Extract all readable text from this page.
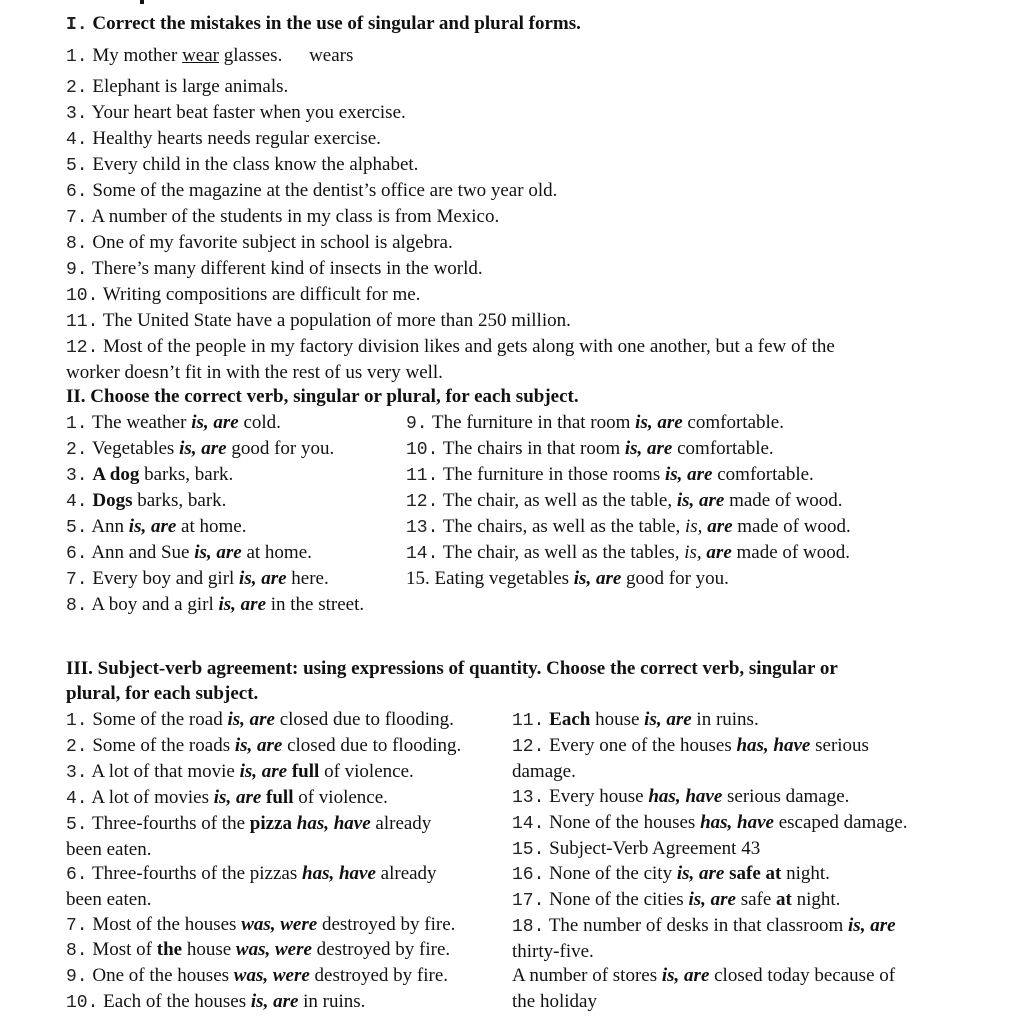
I. Correct the mistakes in the use of singular and plural forms.
1. My mother wear glasses. wears
2. Elephant is large animals.
3. Your heart beat faster when you exercise.
4. Healthy hearts needs regular exercise.
5. Every child in the class know the alphabet.
6. Some of the magazine at the dentist’s office are two year old.
7. A number of the students in my class is from Mexico.
8. One of my favorite subject in school is algebra.
9. There’s many different kind of insects in the world.
10. Writing compositions are difficult for me.
11. The United State have a population of more than 250 million.
12. Most of the people in my factory division likes and gets along with one another, but a few of the
worker doesn’t fit in with the rest of us very well.
II. Choose the correct verb, singular or plural, for each subject.
1. The weather is, are cold.
2. Vegetables is, are good for you.
3. A dog barks, bark.
4. Dogs barks, bark.
5. Ann is, are at home.
6. Ann and Sue is, are at home.
7. Every boy and girl is, are here.
8. A boy and a girl is, are in the street.
9. The furniture in that room is, are comfortable.
10. The chairs in that room is, are comfortable.
11. The furniture in those rooms is, are comfortable.
12. The chair, as well as the table, is, are made of wood.
13. The chairs, as well as the table, is, are made of wood.
14. The chair, as well as the tables, is, are made of wood.
15. Eating vegetables is, are good for you.
III. Subject-verb agreement: using expressions of quantity. Choose the correct verb, singular or
plural, for each subject.
1. Some of the road is, are closed due to flooding.
2. Some of the roads is, are closed due to flooding.
3. A lot of that movie is, are full of violence.
4. A lot of movies is, are full of violence.
5. Three-fourths of the pizza has, have already
been eaten.
6. Three-fourths of the pizzas has, have already
been eaten.
7. Most of the houses was, were destroyed by fire.
8. Most of the house was, were destroyed by fire.
9. One of the houses was, were destroyed by fire.
10. Each of the houses is, are in ruins.
11. Each house is, are in ruins.
12. Every one of the houses has, have serious
damage.
13. Every house has, have serious damage.
14. None of the houses has, have escaped damage.
15. Subject-Verb Agreement 43
16. None of the city is, are safe at night.
17. None of the cities is, are safe at night.
18. The number of desks in that classroom is, are
thirty-five.
A number of stores is, are closed today because of
the holiday
